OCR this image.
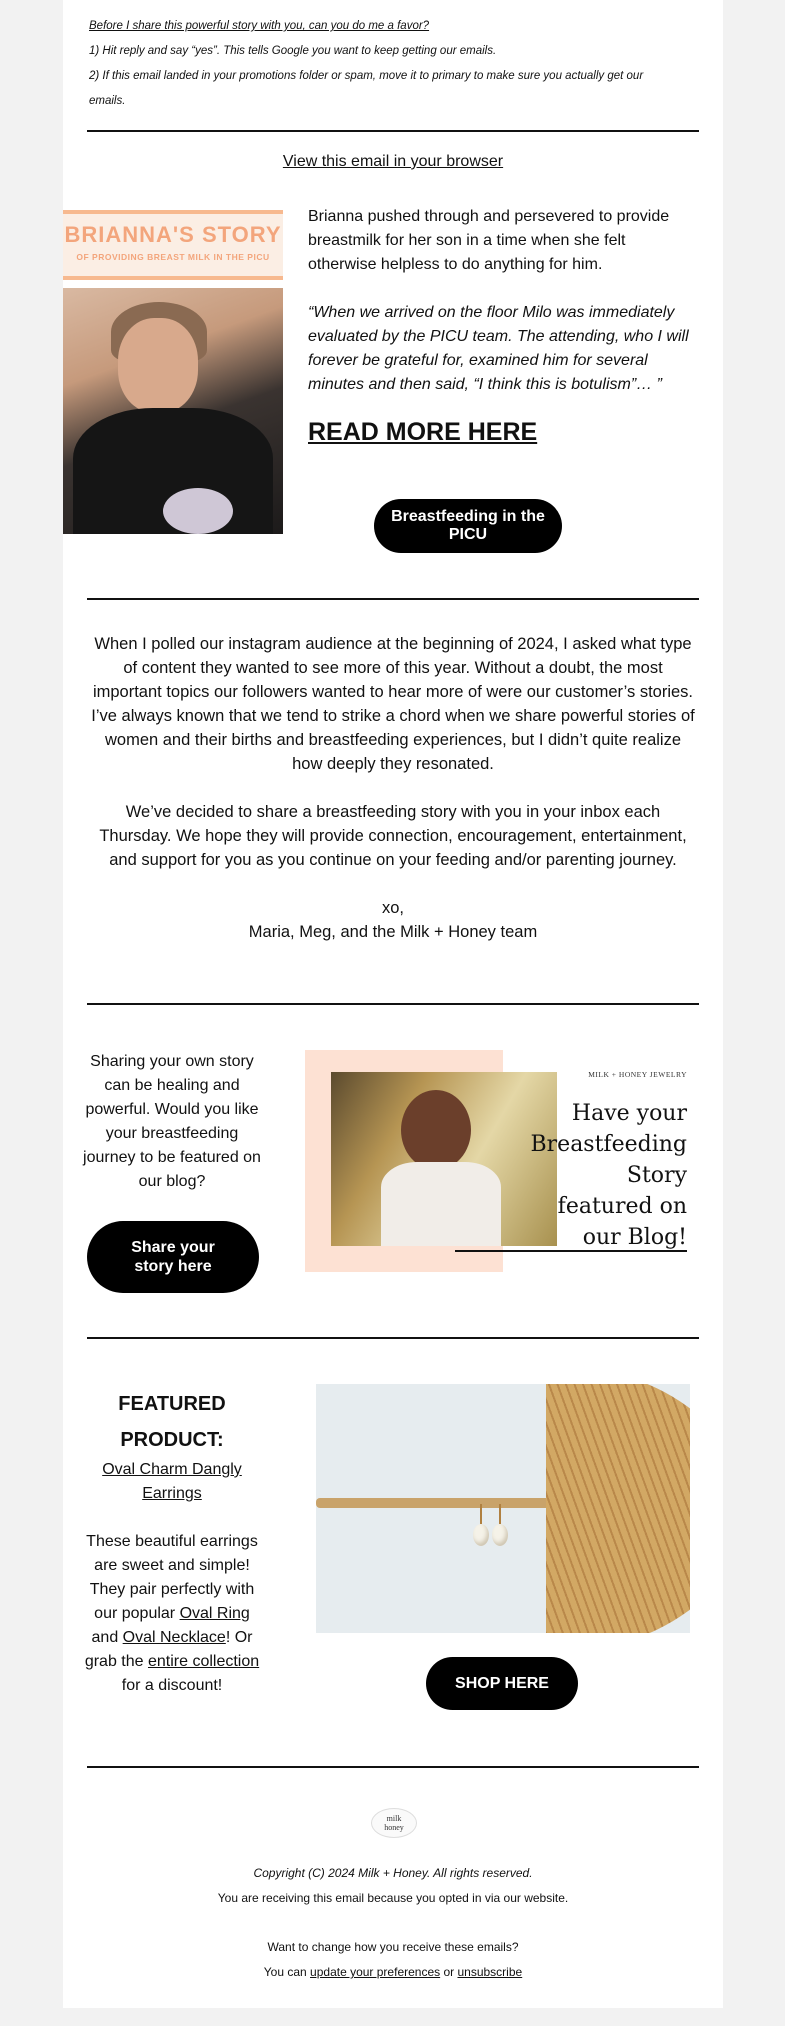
Before I share this powerful story with you, can you do me a favor?

1) Hit reply and say “yes”. This tells Google you want to keep getting our emails.

2) If this email landed in your promotions folder or spam, move it to primary to make sure you actually get our

emails.

View this email in your browser
BRIANNA'S STORY
OF PROVIDING BREAST MILK IN THE PICU

Brianna pushed through and persevered to provide breastmilk for her son in a time when she felt otherwise helpless to do anything for him.

“When we arrived on the floor Milo was immediately evaluated by the PICU team. The attending, who I will forever be grateful for, examined him for several minutes and then said, “I think this is botulism”… ”

READ MORE HERE
Breastfeeding in the PICU

When I polled our instagram audience at the beginning of 2024, I asked what type of content they wanted to see more of this year. Without a doubt, the most important topics our followers wanted to hear more of were our customer’s stories. I’ve always known that we tend to strike a chord when we share powerful stories of women and their births and breastfeeding experiences, but I didn’t quite realize how deeply they resonated.

We’ve decided to share a breastfeeding story with you in your inbox each Thursday. We hope they will provide connection, encouragement, entertainment, and support for you as you continue on your feeding and/or parenting journey.

xo,

Maria, Meg, and the Milk + Honey team

Sharing your own story can be healing and powerful. Would you like your breastfeeding journey to be featured on our blog?
Share your story here
MILK + HONEY JEWELRY
Have your Breastfeeding Story featured on our Blog!
FEATURED PRODUCT:
Oval Charm Dangly Earrings
These beautiful earrings are sweet and simple! They pair perfectly with our popular Oval Ring and Oval Necklace! Or grab the entire collection for a discount!	SHOP HERE
milk
honey
Copyright (C) 2024 Milk + Honey. All rights reserved.
You are receiving this email because you opted in via our website.
Want to change how you receive these emails?
You can update your preferences or unsubscribe
